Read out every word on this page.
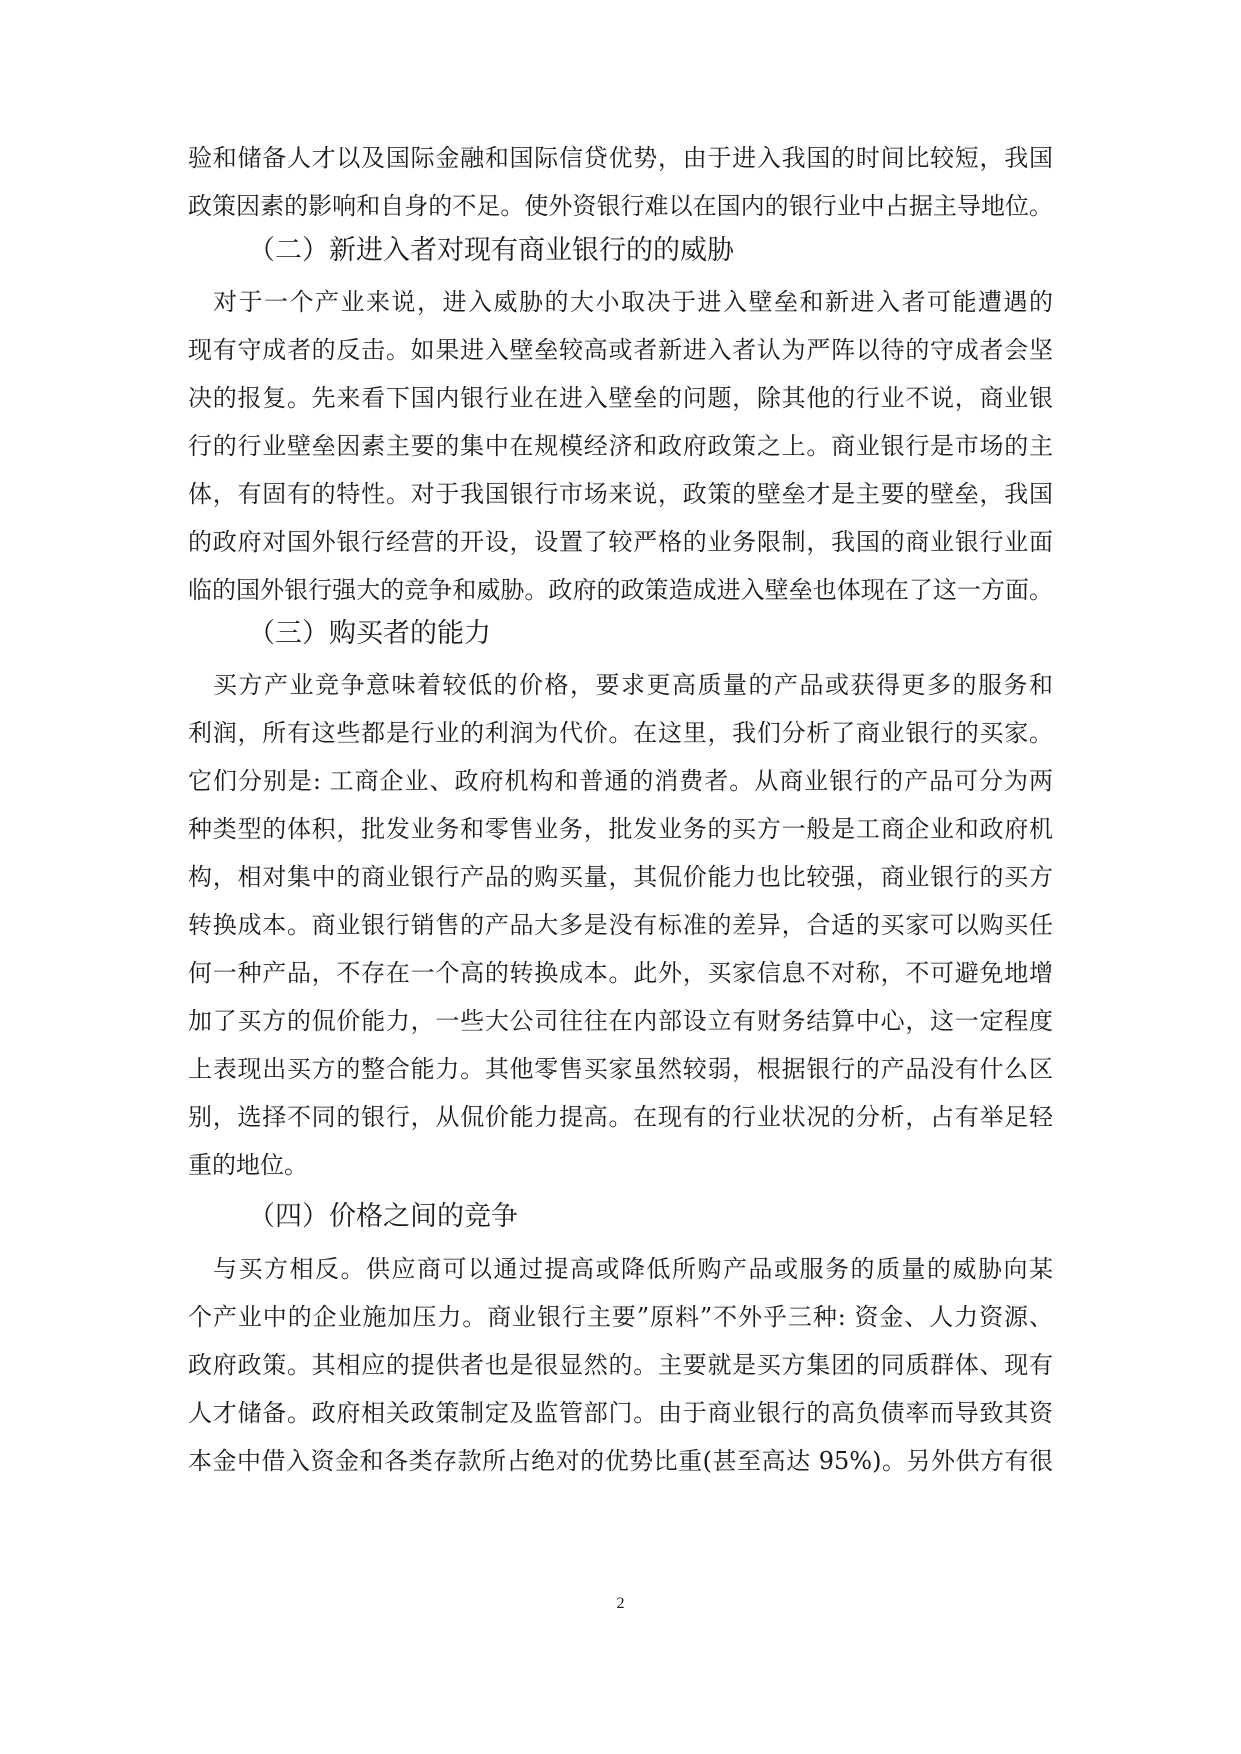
验和储备人才以及国际金融和国际信贷优势，由于进入我国的时间比较短，我国
政策因素的影响和自身的不足。使外资银行难以在国内的银行业中占据主导地位。
（二）新进入者对现有商业银行的的威胁
对于一个产业来说，进入威胁的大小取决于进入壁垒和新进入者可能遭遇的
现有守成者的反击。如果进入壁垒较高或者新进入者认为严阵以待的守成者会坚
决的报复。先来看下国内银行业在进入壁垒的问题，除其他的行业不说，商业银
行的行业壁垒因素主要的集中在规模经济和政府政策之上。商业银行是市场的主
体，有固有的特性。对于我国银行市场来说，政策的壁垒才是主要的壁垒，我国
的政府对国外银行经营的开设，设置了较严格的业务限制，我国的商业银行业面
临的国外银行强大的竞争和威胁。政府的政策造成进入壁垒也体现在了这一方面。
（三）购买者的能力
买方产业竞争意味着较低的价格，要求更高质量的产品或获得更多的服务和
利润，所有这些都是行业的利润为代价。在这里，我们分析了商业银行的买家。
它们分别是: 工商企业、政府机构和普通的消费者。从商业银行的产品可分为两
种类型的体积，批发业务和零售业务，批发业务的买方一般是工商企业和政府机
构，相对集中的商业银行产品的购买量，其侃价能力也比较强，商业银行的买方
转换成本。商业银行销售的产品大多是没有标准的差异，合适的买家可以购买任
何一种产品，不存在一个高的转换成本。此外，买家信息不对称，不可避免地增
加了买方的侃价能力，一些大公司往往在内部设立有财务结算中心，这一定程度
上表现出买方的整合能力。其他零售买家虽然较弱，根据银行的产品没有什么区
别，选择不同的银行，从侃价能力提高。在现有的行业状况的分析，占有举足轻
重的地位。
（四）价格之间的竞争
与买方相反。供应商可以通过提高或降低所购产品或服务的质量的威胁向某
个产业中的企业施加压力。商业银行主要”原料”不外乎三种: 资金、人力资源、
政府政策。其相应的提供者也是很显然的。主要就是买方集团的同质群体、现有
人才储备。政府相关政策制定及监管部门。由于商业银行的高负债率而导致其资
本金中借入资金和各类存款所占绝对的优势比重(甚至高达 95%)。另外供方有很
2
